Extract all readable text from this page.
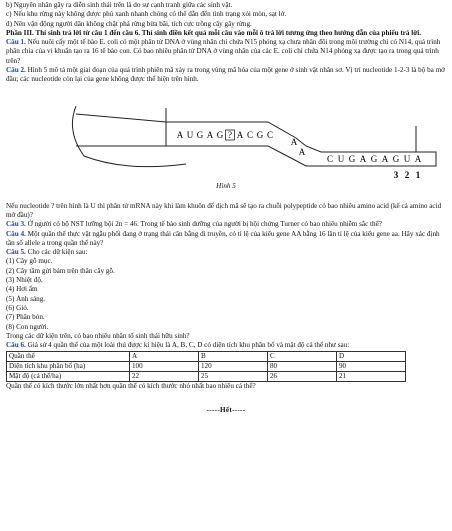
b) Nguyên nhân gây ra diễn sinh thái trên là do sự cạnh tranh giữa các sinh vật.
c) Nếu khu rừng này không được phủ xanh nhanh chóng có thể dẫn đến tình trạng xói mòn, sạt lở.
d) Nên vận động người dân không chặt phá rừng bừa bãi, tích cực trồng cây gây rừng.
Phần III. Thí sinh trả lời từ câu 1 đến câu 6. Thí sinh điền kết quả mỗi câu vào mỗi ô trả lời tương ứng theo hướng dẫn của phiếu trả lời.
Câu 1. Nếu nuôi cấy một tế bào E. coli có một phân tử DNA ở vùng nhân chỉ chứa N15 phóng xạ chưa nhân đôi trong môi trường chỉ có N14, quá trình phân chia của vi khuẩn tạo ra 16 tế bào con. Có bao nhiêu phân tử DNA ở vùng nhân của các E. coli chỉ chứa N14 phóng xạ được tạo ra trong quá trình trên?
Câu 2. Hình 5 mô tả một giai đoạn của quá trình phiên mã xảy ra trong vùng mã hóa của một gene ở sinh vật nhân sơ. Vị trí nucleotide 1-2-3 là bộ ba mở đầu; các nucleotide còn lại của gene không được thể hiện trên hình.
A U G A G ? A C G C
A
A
C U G A G A G U A
3 2 1
Hình 5
Nếu nucleotide ? trên hình là U thì phân tử mRNA này khi làm khuôn để dịch mã sẽ tạo ra chuỗi polypeptide có bao nhiêu amino acid (kể cả amino acid mở đầu)?
Câu 3. Ở người có bộ NST lưỡng bội 2n = 46. Trong tế bào sinh dưỡng của người bị hội chứng Turner có bao nhiêu nhiễm sắc thể?
Câu 4. Một quần thể thực vật ngẫu phối đang ở trạng thái cân bằng di truyền, có tỉ lệ của kiểu gene AA bằng 16 lần tỉ lệ của kiểu gene aa. Hãy xác định tần số allele a trong quần thể này?
Câu 5. Cho các dữ kiện sau:
(1) Cây gỗ mục.
(2) Cây tầm gửi bám trên thân cây gỗ.
(3) Nhiệt độ.
(4) Hơi ẩm
(5) Ánh sáng.
(6) Gió.
(7) Phân bón.
(8) Con người.
Trong các dữ kiện trên, có bao nhiêu nhân tố sinh thái hữu sinh?
Câu 6. Giả sử 4 quần thể của một loài thú được kí hiệu là A, B, C, D có diện tích khu phân bố và mật độ cá thể như sau:
Quần thể	A	B	C	D
Diện tích khu phân bố (ha)	100	120	80	90
Mật độ (cá thể/ha)	22	25	26	21
Quần thể có kích thước lớn nhất hơn quần thể có kích thước nhỏ nhất bao nhiêu cá thể?
-----Hết-----
